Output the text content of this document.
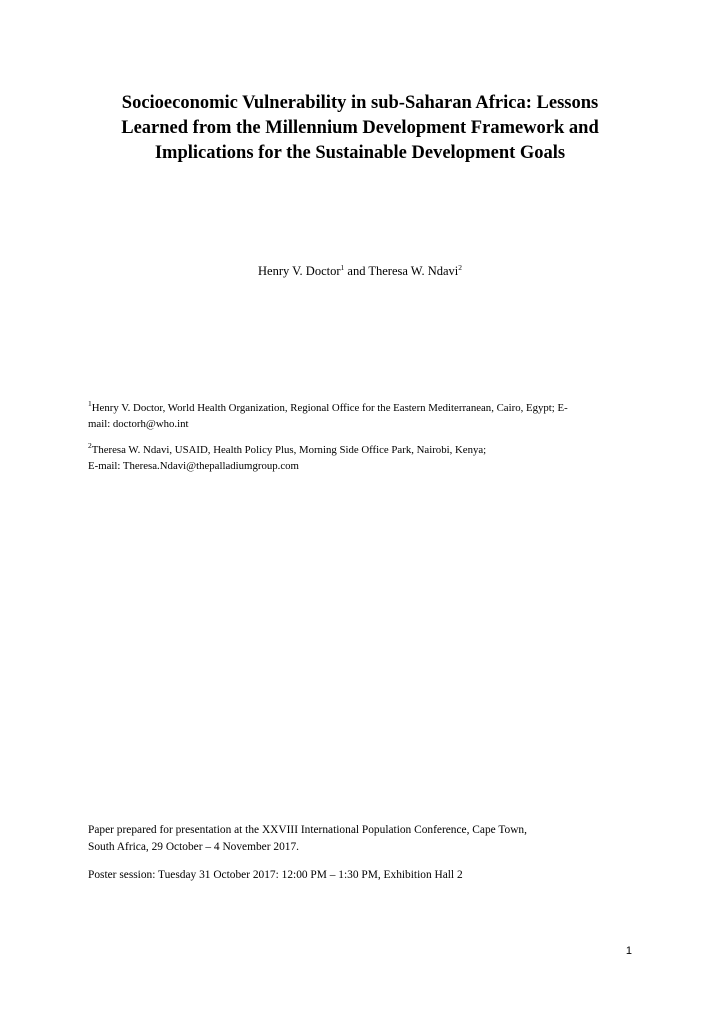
Socioeconomic Vulnerability in sub-Saharan Africa: Lessons
Learned from the Millennium Development Framework and
Implications for the Sustainable Development Goals
Henry V. Doctor$^1$ and Theresa W. Ndavi$^2$
$^1$Henry V. Doctor, World Health Organization, Regional Office for the Eastern Mediterranean, Cairo, Egypt; E-
mail: doctorh@who.int
$^2$Theresa W. Ndavi, USAID, Health Policy Plus, Morning Side Office Park, Nairobi, Kenya;
E-mail: Theresa.Ndavi@thepalladiumgroup.com
Paper prepared for presentation at the XXVIII International Population Conference, Cape Town,
South Africa, 29 October – 4 November 2017.
Poster session: Tuesday 31 October 2017: 12:00 PM – 1:30 PM, Exhibition Hall 2
1
